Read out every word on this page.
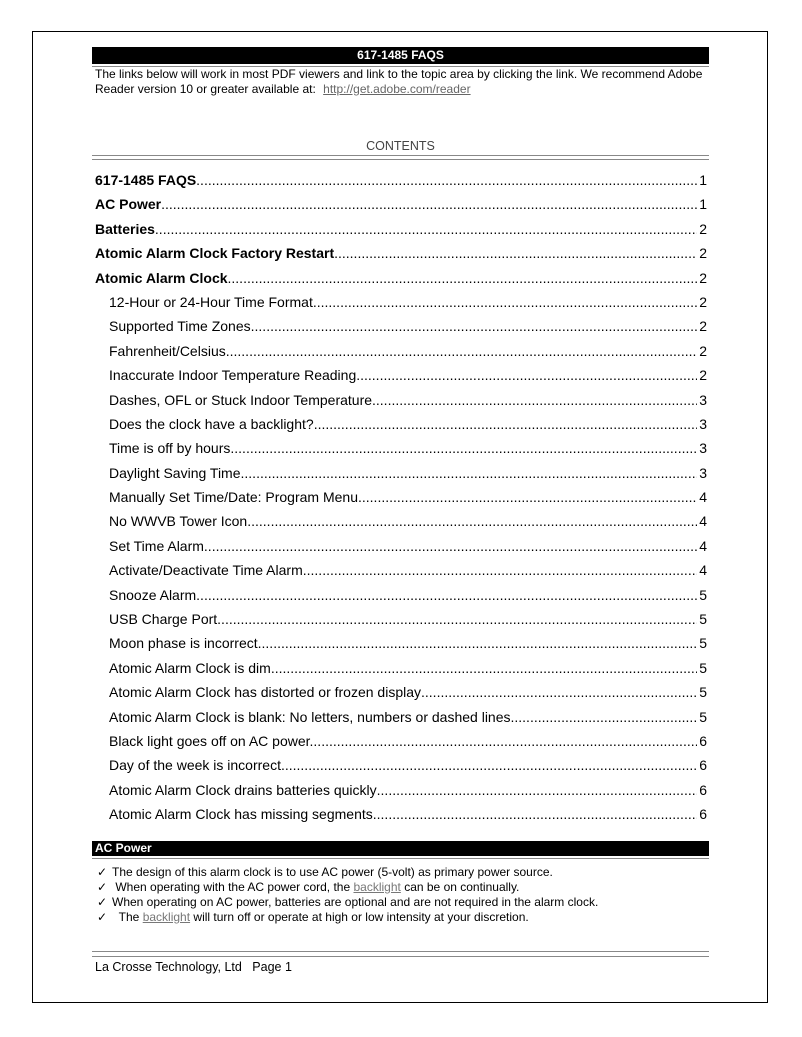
617-1485 FAQS
The links below will work in most PDF viewers and link to the topic area by clicking the link. We recommend Adobe Reader version 10 or greater available at: http://get.adobe.com/reader
CONTENTS
617-1485 FAQS .....	1
AC Power .....	1
Batteries .....	2
Atomic Alarm Clock Factory Restart .....	2
Atomic Alarm Clock .....	2
12-Hour or 24-Hour Time Format .....	2
Supported Time Zones .....	2
Fahrenheit/Celsius .....	2
Inaccurate Indoor Temperature Reading .....	2
Dashes, OFL or Stuck Indoor Temperature .....	3
Does the clock have a backlight? .....	3
Time is off by hours .....	3
Daylight Saving Time .....	3
Manually Set Time/Date: Program Menu .....	4
No WWVB Tower Icon .....	4
Set Time Alarm .....	4
Activate/Deactivate Time Alarm .....	4
Snooze Alarm .....	5
USB Charge Port .....	5
Moon phase is incorrect. .....	5
Atomic Alarm Clock is dim .....	5
Atomic Alarm Clock has distorted or frozen display .....	5
Atomic Alarm Clock is blank: No letters, numbers or dashed lines. .....	5
Black light goes off on AC power. .....	6
Day of the week is incorrect. .....	6
Atomic Alarm Clock drains batteries quickly .....	6
Atomic Alarm Clock has missing segments .....	6
AC Power
✓ The design of this alarm clock is to use AC power (5-volt) as primary power source.
✓ When operating with the AC power cord, the backlight can be on continually.
✓ When operating on AC power, batteries are optional and are not required in the alarm clock.
✓ The backlight will turn off or operate at high or low intensity at your discretion.
La Crosse Technology, Ltd Page 1
